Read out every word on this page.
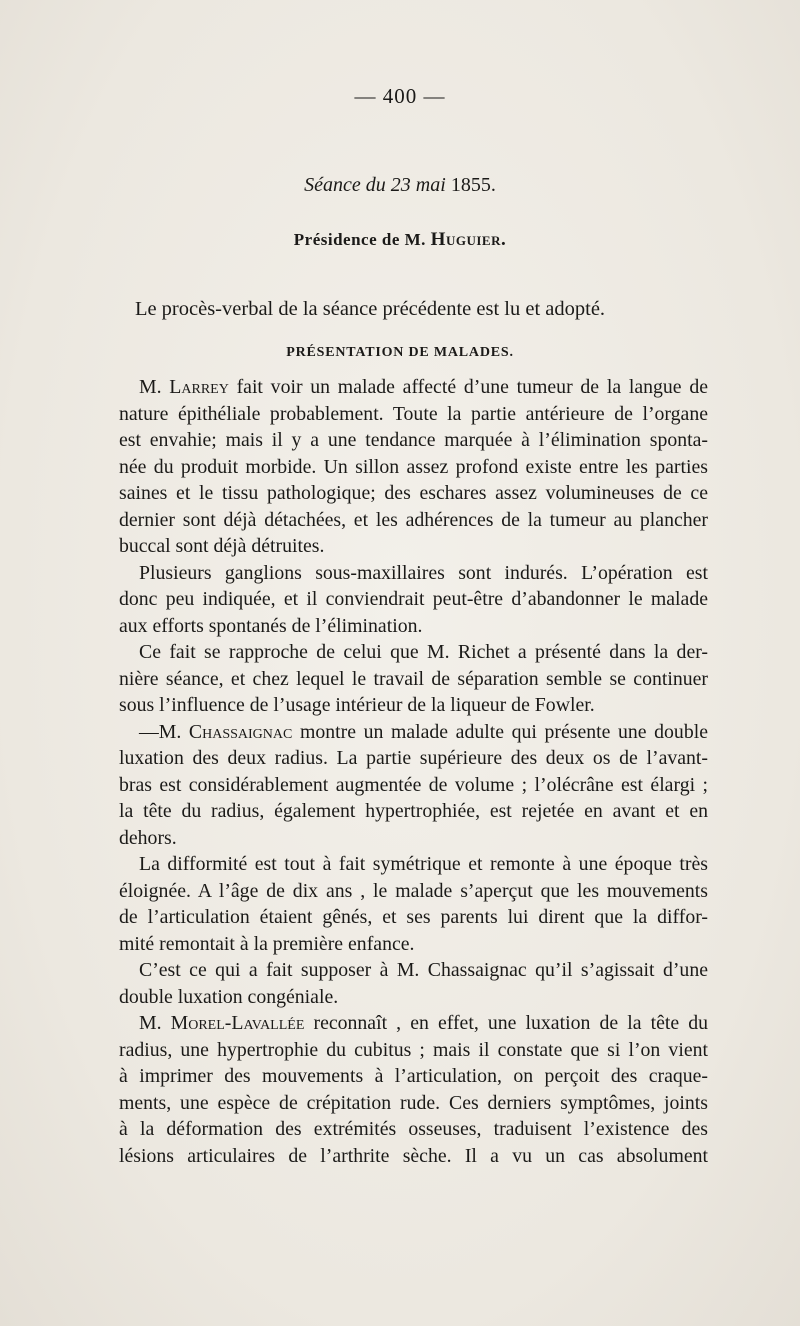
— 400 —
Séance du 23 mai 1855.
Présidence de M. Huguier.
Le procès-verbal de la séance précédente est lu et adopté.
PRÉSENTATION DE MALADES.
M. Larrey fait voir un malade affecté d’une tumeur de la langue de
nature épithéliale probablement. Toute la partie antérieure de l’organe
est envahie; mais il y a une tendance marquée à l’élimination sponta-
née du produit morbide. Un sillon assez profond existe entre les parties
saines et le tissu pathologique; des eschares assez volumineuses de ce
dernier sont déjà détachées, et les adhérences de la tumeur au plancher
buccal sont déjà détruites.
Plusieurs ganglions sous-maxillaires sont indurés. L’opération est
donc peu indiquée, et il conviendrait peut-être d’abandonner le malade
aux efforts spontanés de l’élimination.
Ce fait se rapproche de celui que M. Richet a présenté dans la der-
nière séance, et chez lequel le travail de séparation semble se continuer
sous l’influence de l’usage intérieur de la liqueur de Fowler.
—M. Chassaignac montre un malade adulte qui présente une double
luxation des deux radius. La partie supérieure des deux os de l’avant-
bras est considérablement augmentée de volume ; l’olécrâne est élargi ;
la tête du radius, également hypertrophiée, est rejetée en avant et en
dehors.
La difformité est tout à fait symétrique et remonte à une époque très
éloignée. A l’âge de dix ans , le malade s’aperçut que les mouvements
de l’articulation étaient gênés, et ses parents lui dirent que la diffor-
mité remontait à la première enfance.
C’est ce qui a fait supposer à M. Chassaignac qu’il s’agissait d’une
double luxation congéniale.
M. Morel-Lavallée reconnaît , en effet, une luxation de la tête du
radius, une hypertrophie du cubitus ; mais il constate que si l’on vient
à imprimer des mouvements à l’articulation, on perçoit des craque-
ments, une espèce de crépitation rude. Ces derniers symptômes, joints
à la déformation des extrémités osseuses, traduisent l’existence des
lésions articulaires de l’arthrite sèche. Il a vu un cas absolument
